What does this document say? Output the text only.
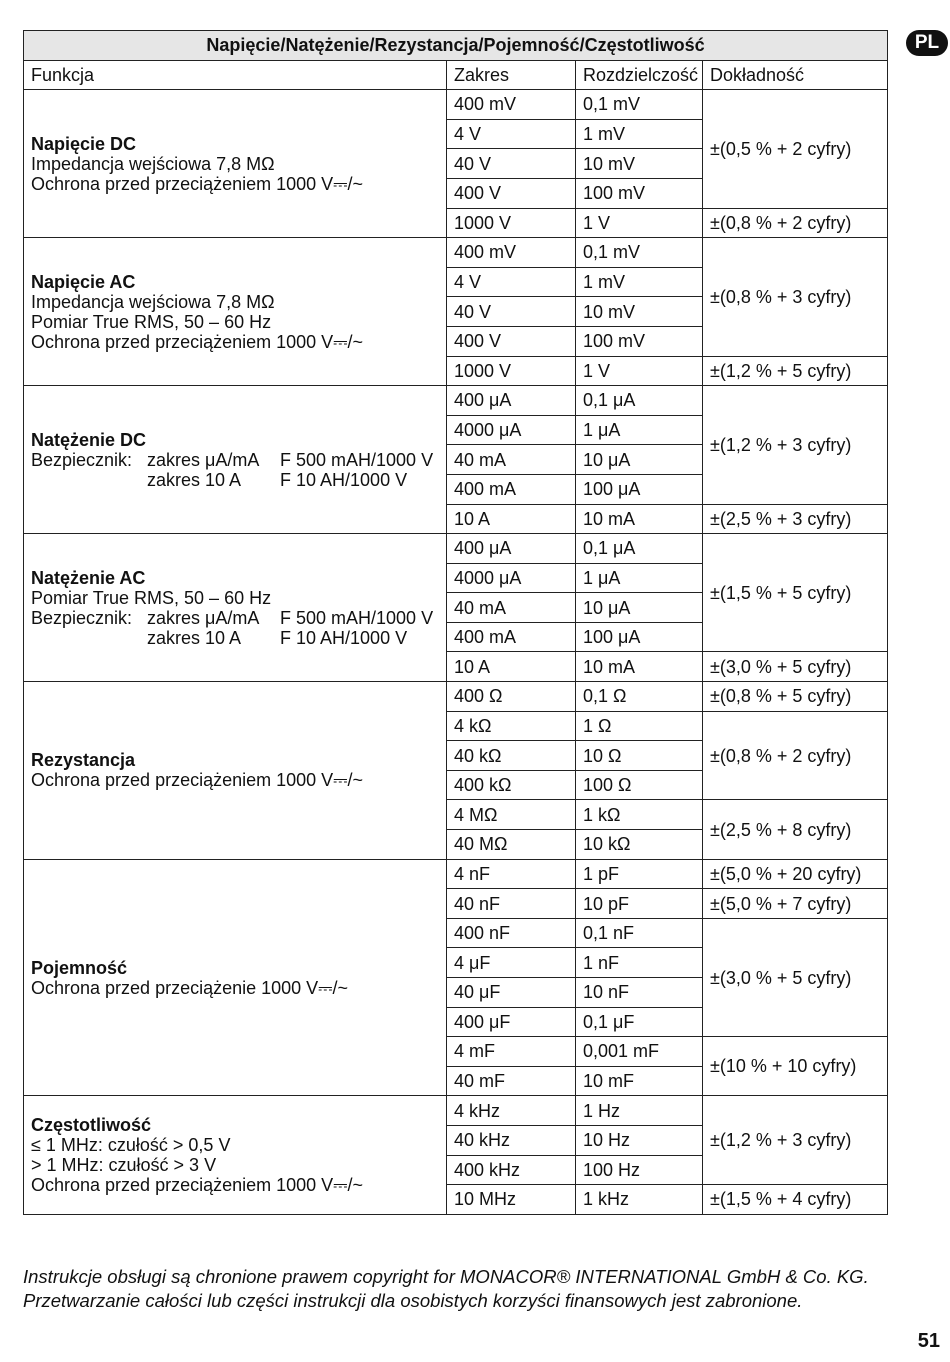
PL
Napięcie/Natężenie/Rezystancja/Pojemność/Częstotliwość			
Funkcja	Zakres	Rozdzielczość	Dokładność

Napięcie DC
Impedancja wejściowa 7,8 MΩ
Ochrona przed przeciążeniem 1000 V⎓/~	400 mV	0,1 mV	±(0,5 % + 2 cyfry)
	4 V	1 mV	
	40 V	10 mV	
	400 V	100 mV	
	1000 V	1 V	±(0,8 % + 2 cyfry)

Napięcie AC
Impedancja wejściowa 7,8 MΩ
Pomiar True RMS, 50 – 60 Hz
Ochrona przed przeciążeniem 1000 V⎓/~	400 mV	0,1 mV	±(0,8 % + 3 cyfry)
	4 V	1 mV	
	40 V	10 mV	
	400 V	100 mV	
	1000 V	1 V	±(1,2 % + 5 cyfry)

Natężenie DC
Bezpiecznik: zakres μA/mA F 500 mAH/1000 V
zakres 10 A F 10 AH/1000 V	400 μA	0,1 μA	±(1,2 % + 3 cyfry)
	4000 μA	1 μA	
	40 mA	10 μA	
	400 mA	100 μA	
	10 A	10 mA	±(2,5 % + 3 cyfry)

Natężenie AC
Pomiar True RMS, 50 – 60 Hz
Bezpiecznik: zakres μA/mA F 500 mAH/1000 V
zakres 10 A F 10 AH/1000 V	400 μA	0,1 μA	±(1,5 % + 5 cyfry)
	4000 μA	1 μA	
	40 mA	10 μA	
	400 mA	100 μA	
	10 A	10 mA	±(3,0 % + 5 cyfry)

Rezystancja
Ochrona przed przeciążeniem 1000 V⎓/~	400 Ω	0,1 Ω	±(0,8 % + 5 cyfry)
	4 kΩ	1 Ω	±(0,8 % + 2 cyfry)
	40 kΩ	10 Ω	
	400 kΩ	100 Ω	
	4 MΩ	1 kΩ	±(2,5 % + 8 cyfry)
	40 MΩ	10 kΩ	

Pojemność
Ochrona przed przeciążenie 1000 V⎓/~	4 nF	1 pF	±(5,0 % + 20 cyfry)
	40 nF	10 pF	±(5,0 % + 7 cyfry)
	400 nF	0,1 nF	±(3,0 % + 5 cyfry)
	4 μF	1 nF	
	40 μF	10 nF	
	400 μF	0,1 μF	
	4 mF	0,001 mF	±(10 % + 10 cyfry)
	40 mF	10 mF	

Częstotliwość
≤ 1 MHz: czułość > 0,5 V
> 1 MHz: czułość > 3 V
Ochrona przed przeciążeniem 1000 V⎓/~	4 kHz	1 Hz	±(1,2 % + 3 cyfry)
	40 kHz	10 Hz	
	400 kHz	100 Hz	
	10 MHz	1 kHz	±(1,5 % + 4 cyfry)
Instrukcje obsługi są chronione prawem copyright for MONACOR® INTERNATIONAL GmbH & Co. KG.
Przetwarzanie całości lub części instrukcji dla osobistych korzyści finansowych jest zabronione.
51
